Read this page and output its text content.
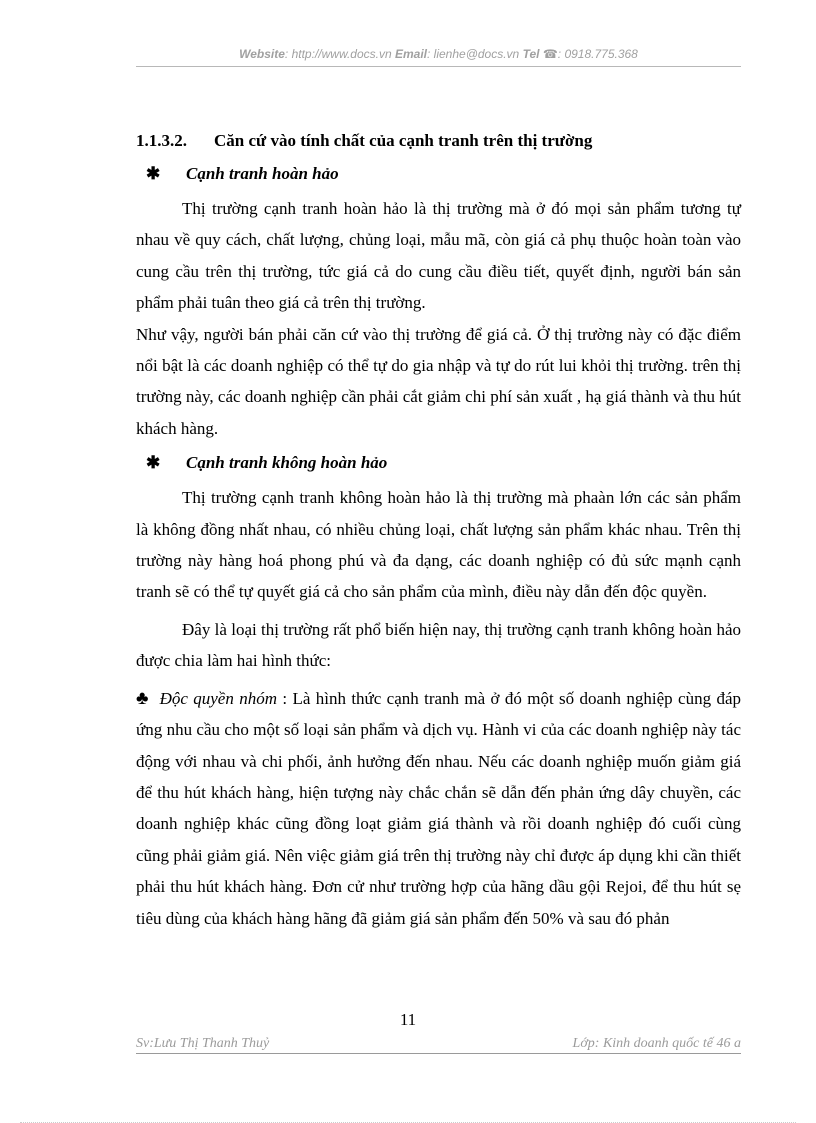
Website: http://www.docs.vn Email: lienhe@docs.vn Tel ☎: 0918.775.368
1.1.3.2. Căn cứ vào tính chất của cạnh tranh trên thị trường
✱	Cạnh tranh hoàn hảo

Thị trường cạnh tranh hoàn hảo là thị trường mà ở đó mọi sản phẩm tương tự nhau về quy cách, chất lượng, chủng loại, mẫu mã, còn giá cả phụ thuộc hoàn toàn vào cung cầu trên thị trường, tức giá cả do cung cầu điều tiết, quyết định, người bán sản phẩm phải tuân theo giá cả trên thị trường.

Như vậy, người bán phải căn cứ vào thị trường để giá cả. Ở thị trường này có đặc điểm nổi bật là các doanh nghiệp có thể tự do gia nhập và tự do rút lui khỏi thị trường. trên thị trường này, các doanh nghiệp cần phải cắt giảm chi phí sản xuất , hạ giá thành và thu hút khách hàng.

✱	Cạnh tranh không hoàn hảo

Thị trường cạnh tranh không hoàn hảo là thị trường mà phaàn lớn các sản phẩm là không đồng nhất nhau, có nhiều chủng loại, chất lượng sản phẩm khác nhau. Trên thị trường này hàng hoá phong phú và đa dạng, các doanh nghiệp có đủ sức mạnh cạnh tranh sẽ có thể tự quyết giá cả cho sản phẩm của mình, điều này dẫn đến độc quyền.

Đây là loại thị trường rất phổ biến hiện nay, thị trường cạnh tranh không hoàn hảo được chia làm hai hình thức:

♣ Độc quyền nhóm : Là hình thức cạnh tranh mà ở đó một số doanh nghiệp cùng đáp ứng nhu cầu cho một số loại sản phẩm và dịch vụ. Hành vi của các doanh nghiệp này tác động với nhau và chi phối, ảnh hưởng đến nhau. Nếu các doanh nghiệp muốn giảm giá để thu hút khách hàng, hiện tượng này chắc chắn sẽ dẫn đến phản ứng dây chuyền, các doanh nghiệp khác cũng đồng loạt giảm giá thành và rồi doanh nghiệp đó cuối cùng cũng phải giảm giá. Nên việc giảm giá trên thị trường này chỉ được áp dụng khi cần thiết phải thu hút khách hàng. Đơn cử như trường hợp của hãng dầu gội Rejoi, để thu hút sẹ tiêu dùng của khách hàng hãng đã giảm giá sản phẩm đến 50% và sau đó phản

11
Sv:Lưu Thị Thanh Thuỷ	Lớp: Kinh doanh quốc tế 46 a
